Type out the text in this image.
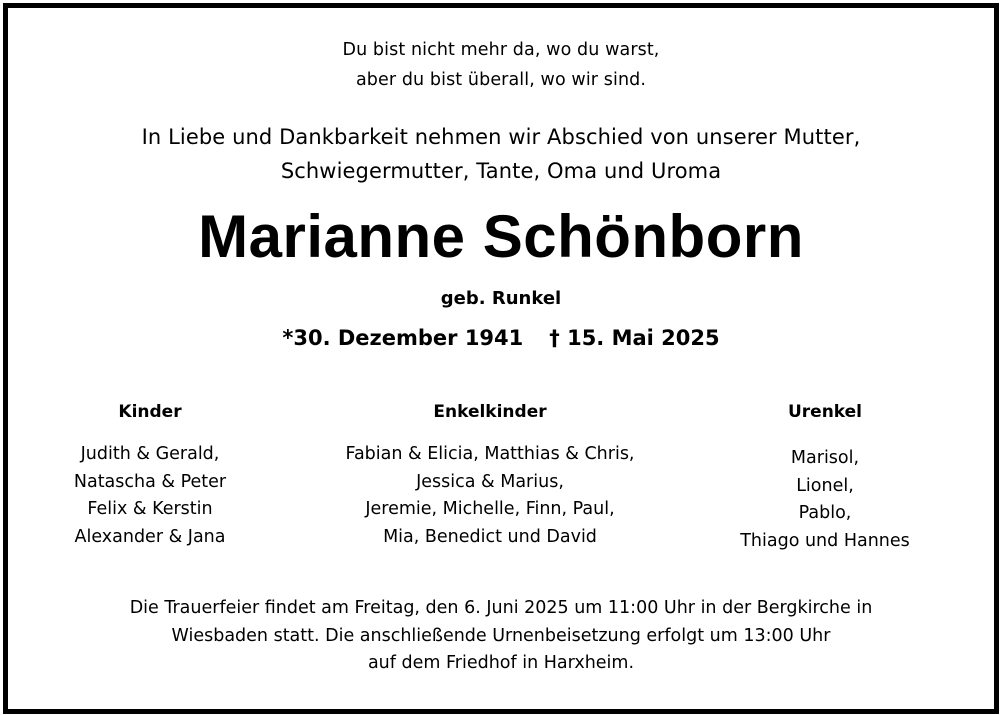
Du bist nicht mehr da, wo du warst,
aber du bist überall, wo wir sind.
In Liebe und Dankbarkeit nehmen wir Abschied von unserer Mutter,
Schwiegermutter, Tante, Oma und Uroma
Marianne Schönborn
geb. Runkel
*30. Dezember 1941 † 15. Mai 2025
Kinder
Judith & Gerald,
Natascha & Peter
Felix & Kerstin
Alexander & Jana
Enkelkinder
Fabian & Elicia, Matthias & Chris,
Jessica & Marius,
Jeremie, Michelle, Finn, Paul,
Mia, Benedict und David
Urenkel
Marisol,
Lionel,
Pablo,
Thiago und Hannes
Die Trauerfeier findet am Freitag, den 6. Juni 2025 um 11:00 Uhr in der Bergkirche in
Wiesbaden statt. Die anschließende Urnenbeisetzung erfolgt um 13:00 Uhr
auf dem Friedhof in Harxheim.
